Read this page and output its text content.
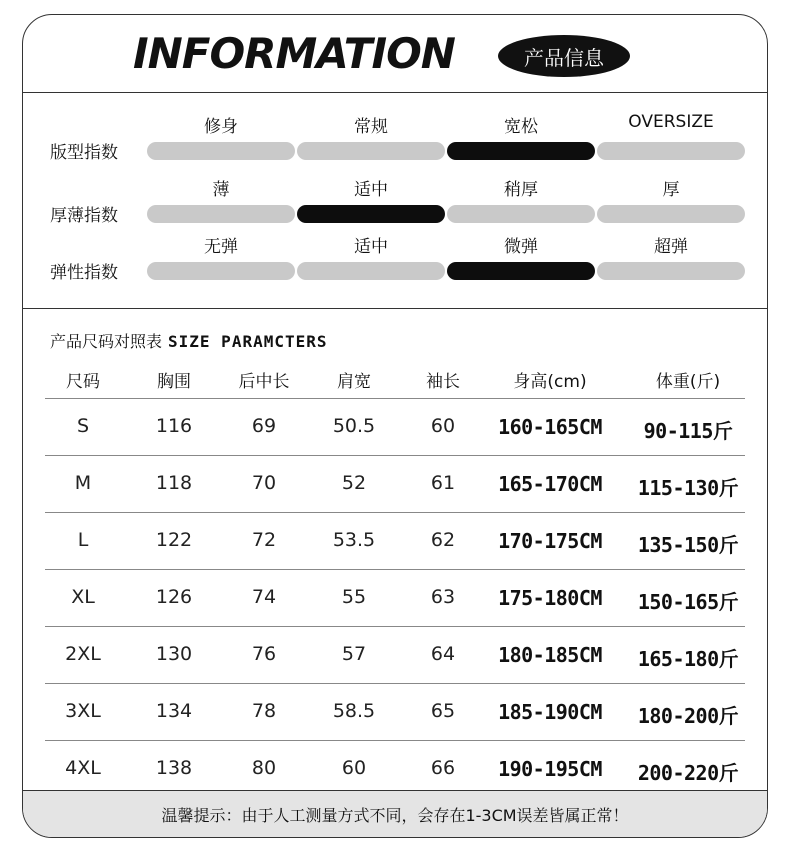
INFORMATION	产品信息
版型指数
修身	常规	宽松	OVERSIZE
厚薄指数
薄	适中	稍厚	厚
弹性指数
无弹	适中	微弹	超弹
产品尺码对照表 SIZE PARAMCTERS
尺码	胸围	后中长	肩宽	袖长	身高(cm)	体重(斤)
S	116	69	50.5	60	160-165CM	90-115斤
M	118	70	52	61	165-170CM	115-130斤
L	122	72	53.5	62	170-175CM	135-150斤
XL	126	74	55	63	175-180CM	150-165斤
2XL	130	76	57	64	180-185CM	165-180斤
3XL	134	78	58.5	65	185-190CM	180-200斤
4XL	138	80	60	66	190-195CM	200-220斤
温馨提示：由于人工测量方式不同，会存在1-3CM误差皆属正常！
